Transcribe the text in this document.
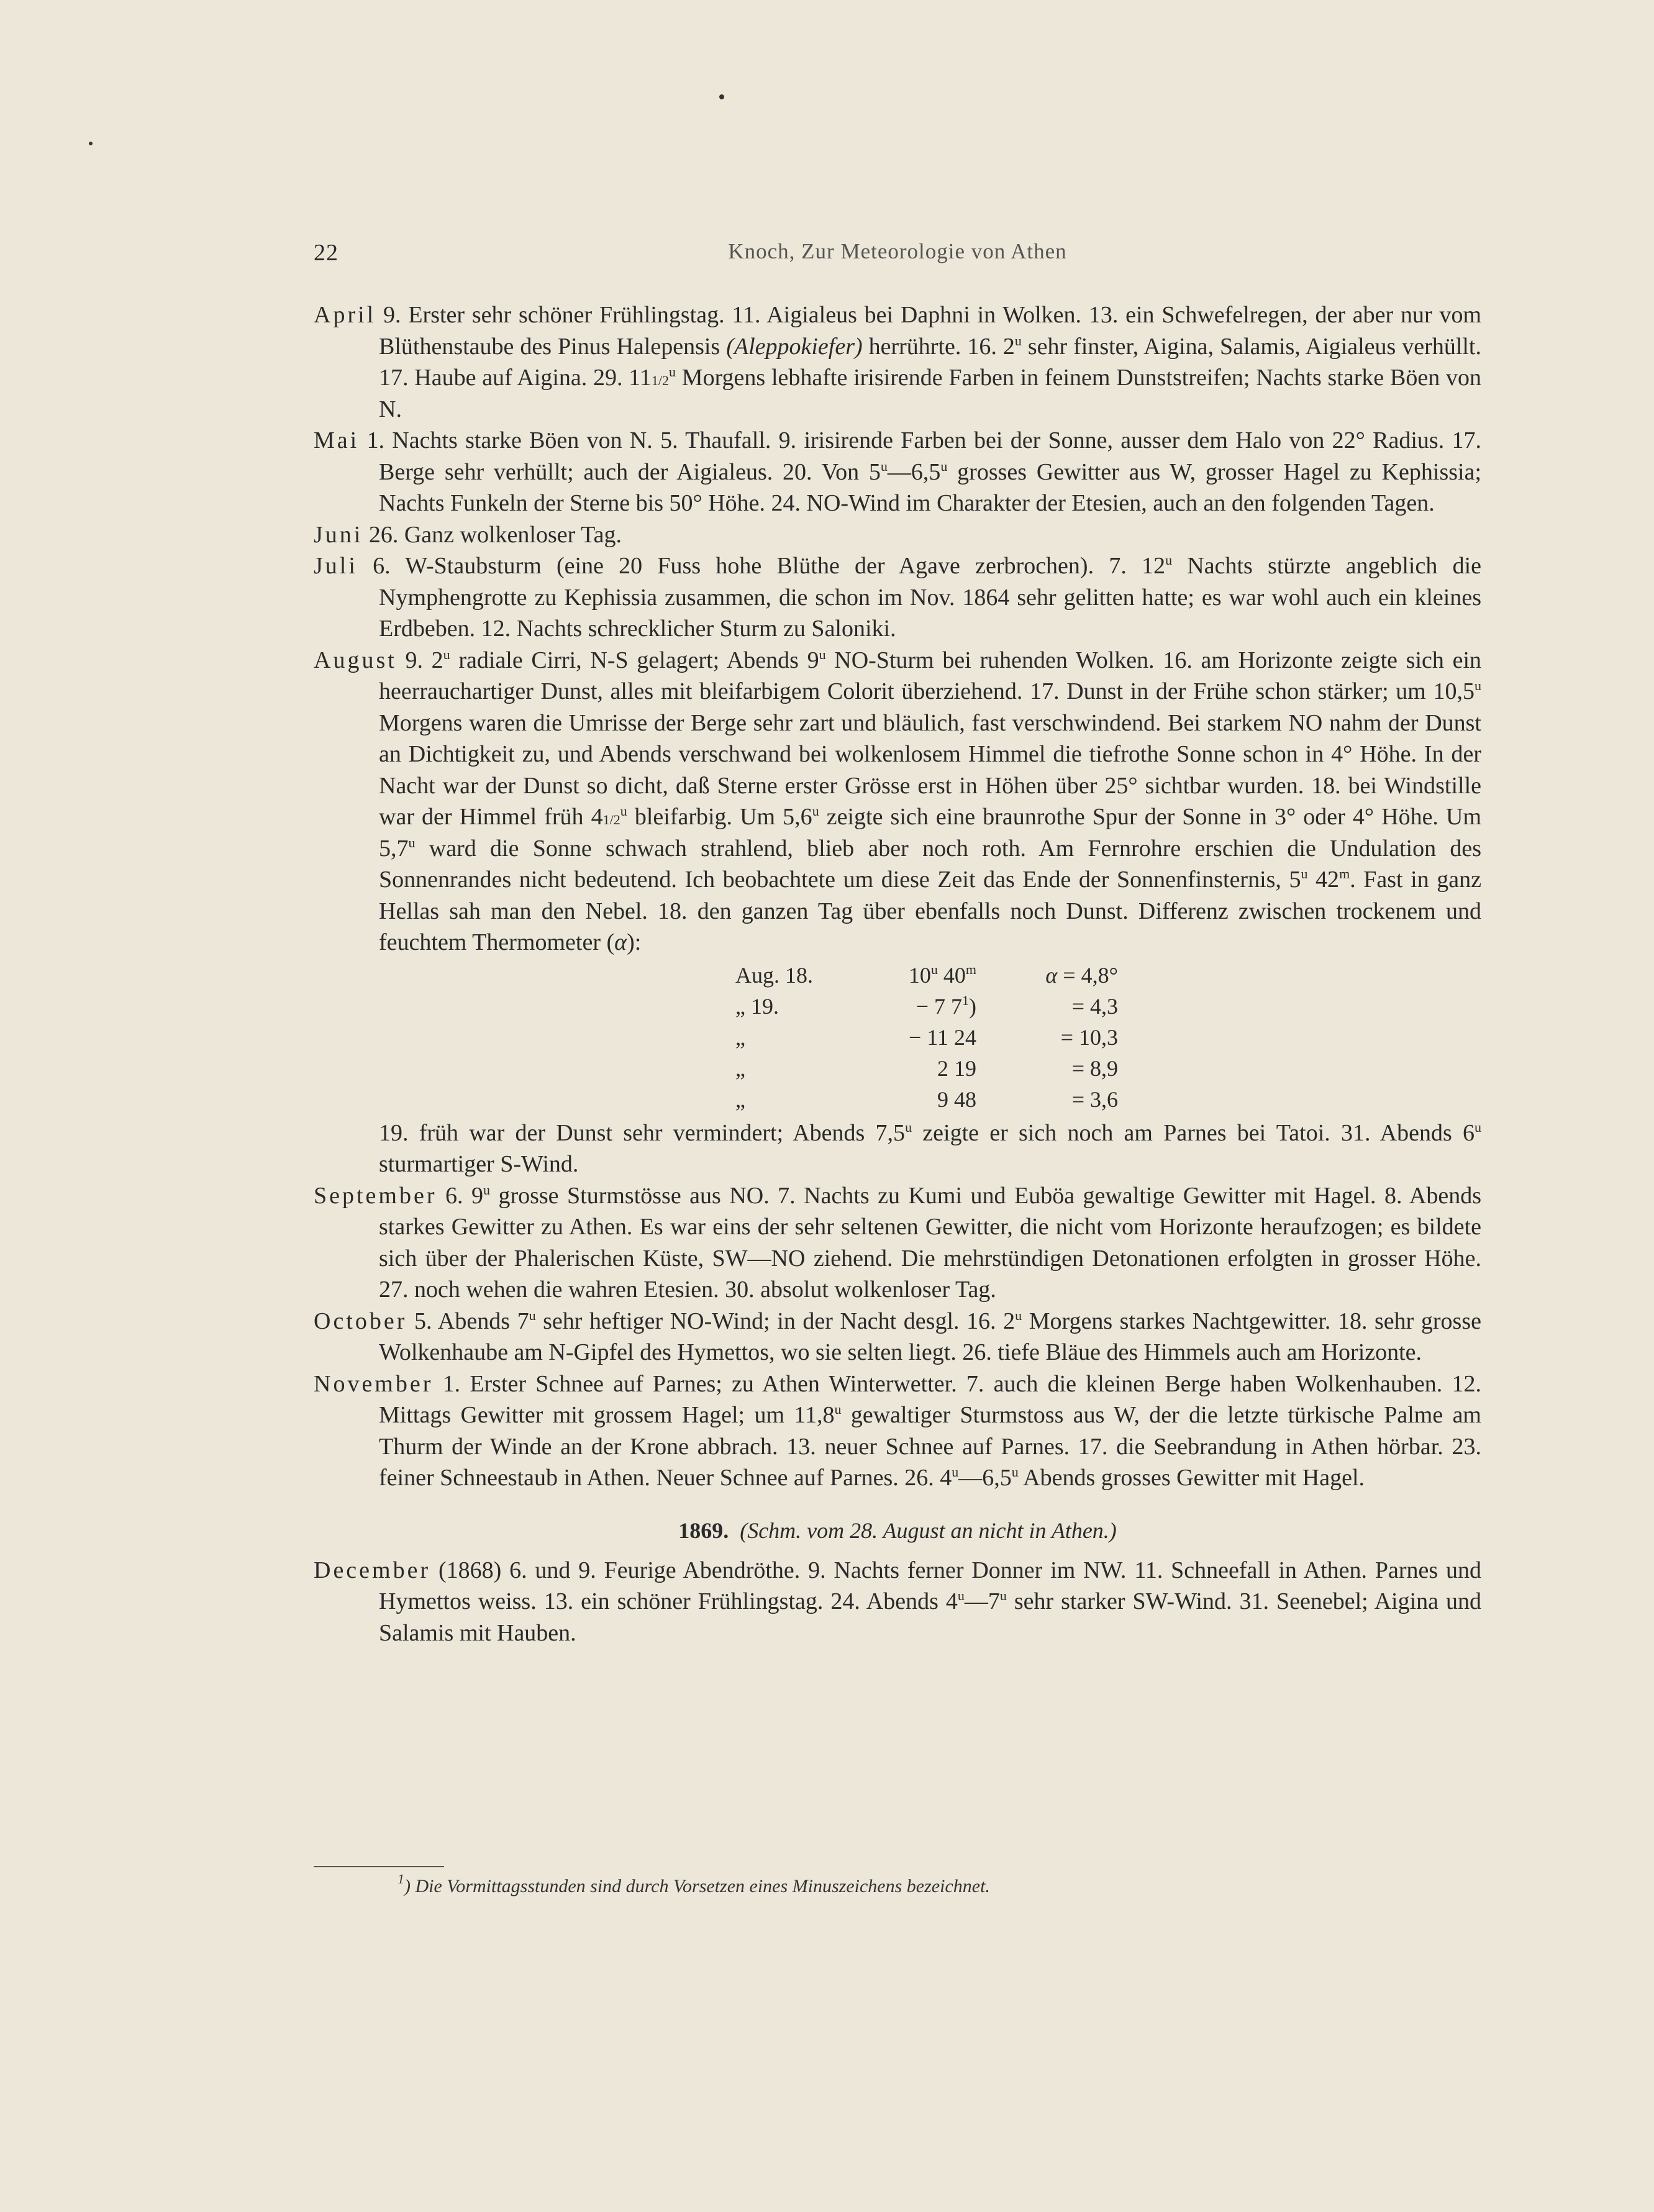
22	Knoch, Zur Meteorologie von Athen

April 9. Erster sehr schöner Frühlingstag. 11. Aigialeus bei Daphni in Wolken. 13. ein Schwefelregen, der aber nur vom Blüthenstaube des Pinus Halepensis (Aleppokiefer) herrührte. 16. 2$^u$ sehr finster, Aigina, Salamis, Aigialeus verhüllt. 17. Haube auf Aigina. 29. 111/2$^u$ Morgens lebhafte irisirende Farben in feinem Dunststreifen; Nachts starke Böen von N.

Mai 1. Nachts starke Böen von N. 5. Thaufall. 9. irisirende Farben bei der Sonne, ausser dem Halo von 22° Radius. 17. Berge sehr verhüllt; auch der Aigialeus. 20. Von 5$^u$—6,5$^u$ grosses Gewitter aus W, grosser Hagel zu Kephissia; Nachts Funkeln der Sterne bis 50° Höhe. 24. NO-Wind im Charakter der Etesien, auch an den folgenden Tagen.

Juni 26. Ganz wolkenloser Tag.

Juli 6. W-Staubsturm (eine 20 Fuss hohe Blüthe der Agave zerbrochen). 7. 12$^u$ Nachts stürzte angeblich die Nymphengrotte zu Kephissia zusammen, die schon im Nov. 1864 sehr gelitten hatte; es war wohl auch ein kleines Erdbeben. 12. Nachts schrecklicher Sturm zu Saloniki.

August 9. 2$^u$ radiale Cirri, N-S gelagert; Abends 9$^u$ NO-Sturm bei ruhenden Wolken. 16. am Horizonte zeigte sich ein heerrauchartiger Dunst, alles mit bleifarbigem Colorit überziehend. 17. Dunst in der Frühe schon stärker; um 10,5$^u$ Morgens waren die Umrisse der Berge sehr zart und bläulich, fast verschwindend. Bei starkem NO nahm der Dunst an Dichtigkeit zu, und Abends verschwand bei wolkenlosem Himmel die tiefrothe Sonne schon in 4° Höhe. In der Nacht war der Dunst so dicht, daß Sterne erster Grösse erst in Höhen über 25° sichtbar wurden. 18. bei Windstille war der Himmel früh 41/2$^u$ bleifarbig. Um 5,6$^u$ zeigte sich eine braunrothe Spur der Sonne in 3° oder 4° Höhe. Um 5,7$^u$ ward die Sonne schwach strahlend, blieb aber noch roth. Am Fernrohre erschien die Undulation des Sonnenrandes nicht bedeutend. Ich beobachtete um diese Zeit das Ende der Sonnenfinsternis, 5$^u$ 42$^m$. Fast in ganz Hellas sah man den Nebel. 18. den ganzen Tag über ebenfalls noch Dunst. Differenz zwischen trockenem und feuchtem Thermometer (α):

Aug. 18.	10$^u$ 40$^m$	α = 4,8°
„ 19.	− 7 $7^1$)	= 4,3
„	− 11 24	= 10,3
„	2 19	= 8,9
„	9 48	= 3,6

19. früh war der Dunst sehr vermindert; Abends 7,5$^u$ zeigte er sich noch am Parnes bei Tatoi. 31. Abends 6$^u$ sturmartiger S-Wind.

September 6. 9$^u$ grosse Sturmstösse aus NO. 7. Nachts zu Kumi und Euböa gewaltige Gewitter mit Hagel. 8. Abends starkes Gewitter zu Athen. Es war eins der sehr seltenen Gewitter, die nicht vom Horizonte heraufzogen; es bildete sich über der Phalerischen Küste, SW—NO ziehend. Die mehrstündigen Detonationen erfolgten in grosser Höhe. 27. noch wehen die wahren Etesien. 30. absolut wolkenloser Tag.

October 5. Abends 7$^u$ sehr heftiger NO-Wind; in der Nacht desgl. 16. 2$^u$ Morgens starkes Nachtgewitter. 18. sehr grosse Wolkenhaube am N-Gipfel des Hymettos, wo sie selten liegt. 26. tiefe Bläue des Himmels auch am Horizonte.

November 1. Erster Schnee auf Parnes; zu Athen Winterwetter. 7. auch die kleinen Berge haben Wolkenhauben. 12. Mittags Gewitter mit grossem Hagel; um 11,8$^u$ gewaltiger Sturmstoss aus W, der die letzte türkische Palme am Thurm der Winde an der Krone abbrach. 13. neuer Schnee auf Parnes. 17. die Seebrandung in Athen hörbar. 23. feiner Schneestaub in Athen. Neuer Schnee auf Parnes. 26. 4$^u$—6,5$^u$ Abends grosses Gewitter mit Hagel.

1869. (Schm. vom 28. August an nicht in Athen.)

December (1868) 6. und 9. Feurige Abendröthe. 9. Nachts ferner Donner im NW. 11. Schneefall in Athen. Parnes und Hymettos weiss. 13. ein schöner Frühlingstag. 24. Abends 4$^u$—7$^u$ sehr starker SW-Wind. 31. Seenebel; Aigina und Salamis mit Hauben.

$^1$) Die Vormittagsstunden sind durch Vorsetzen eines Minuszeichens bezeichnet.
